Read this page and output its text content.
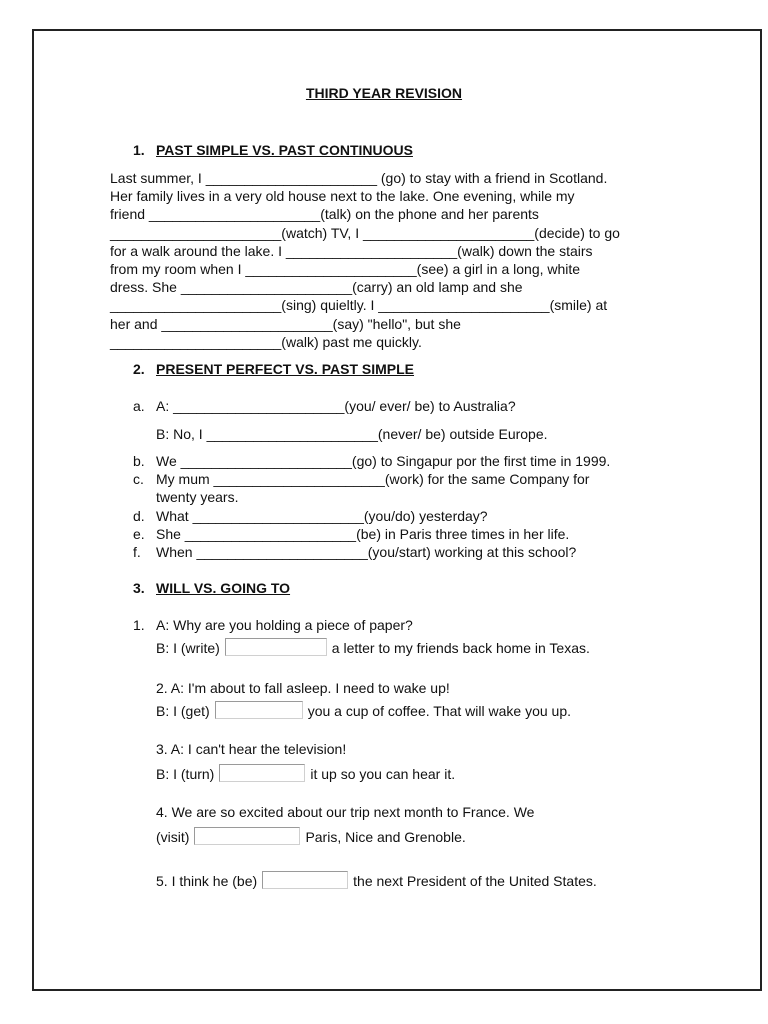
THIRD YEAR REVISION
1. PAST SIMPLE VS. PAST CONTINUOUS
Last summer, I ______________________ (go) to stay with a friend in Scotland.
Her family lives in a very old house next to the lake. One evening, while my
friend ______________________(talk) on the phone and her parents
______________________(watch) TV, I ______________________(decide) to go
for a walk around the lake. I ______________________(walk) down the stairs
from my room when I ______________________(see) a girl in a long, white
dress. She ______________________(carry) an old lamp and she
______________________(sing) quieltly. I ______________________(smile) at
her and ______________________(say) "hello", but she
______________________(walk) past me quickly.
2. PRESENT PERFECT VS. PAST SIMPLE
a. A: ______________________(you/ ever/ be) to Australia?
B: No, I ______________________(never/ be) outside Europe.
b. We ______________________(go) to Singapur por the first time in 1999.
c. My mum ______________________(work) for the same Company for
twenty years.
d. What ______________________(you/do) yesterday?
e. She ______________________(be) in Paris three times in her life.
f. When ______________________(you/start) working at this school?
3. WILL VS. GOING TO
1. A: Why are you holding a piece of paper?
B: I (write)	a letter to my friends back home in Texas.
2. A: I'm about to fall asleep. I need to wake up!
B: I (get)	you a cup of coffee. That will wake you up.
3. A: I can't hear the television!
B: I (turn)	it up so you can hear it.
4. We are so excited about our trip next month to France. We
(visit)	Paris, Nice and Grenoble.
5. I think he (be)	the next President of the United States.
